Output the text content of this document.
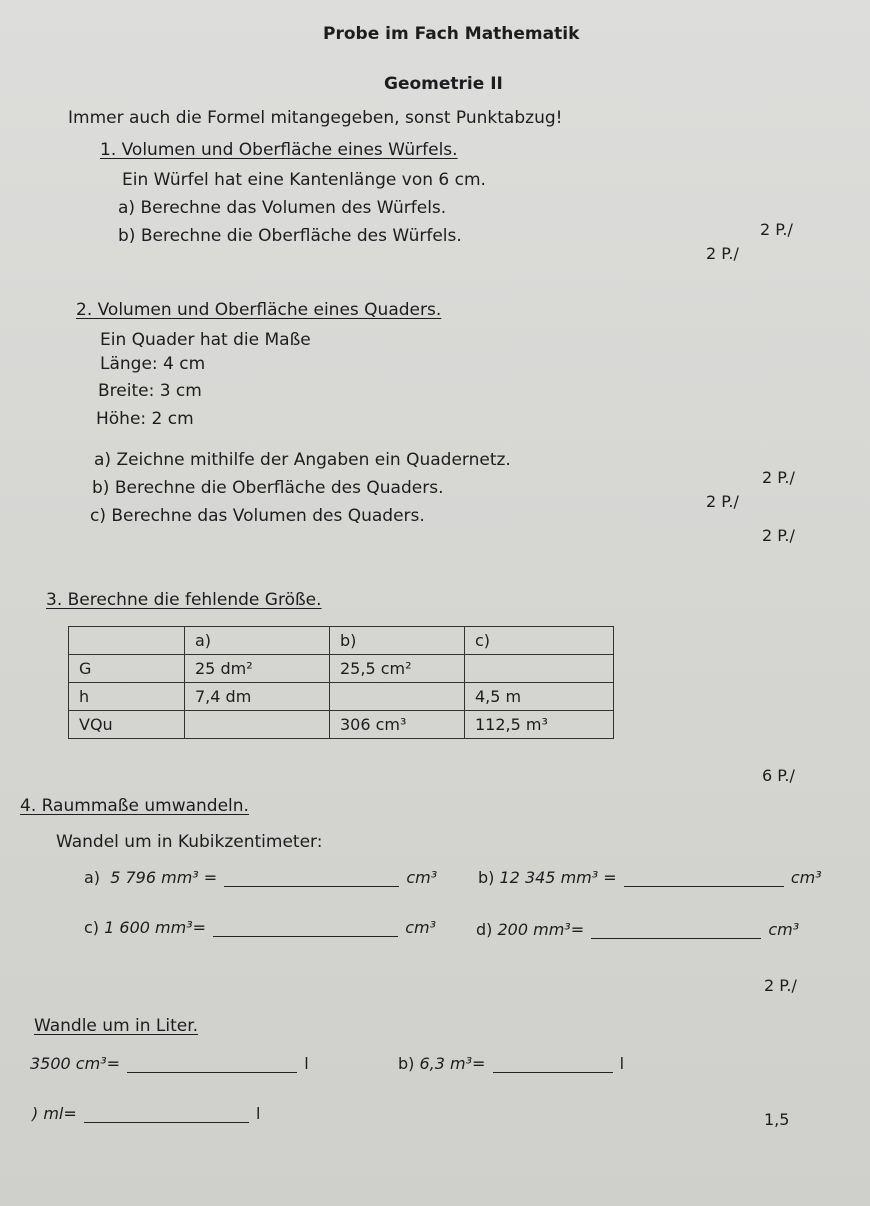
Probe im Fach Mathematik
Geometrie II
Immer auch die Formel mitangegeben, sonst Punktabzug!
1. Volumen und Oberfläche eines Würfels.
Ein Würfel hat eine Kantenlänge von 6 cm.
a) Berechne das Volumen des Würfels.
b) Berechne die Oberfläche des Würfels.	2 P./
2 P./
2. Volumen und Oberfläche eines Quaders.
Ein Quader hat die Maße
Länge: 4 cm
Breite: 3 cm
Höhe: 2 cm
a) Zeichne mithilfe der Angaben ein Quadernetz.
b) Berechne die Oberfläche des Quaders.
c) Berechne das Volumen des Quaders.
2 P./
2 P./
2 P./
3. Berechne die fehlende Größe.
	a)	b)	c)
G	25 dm²	25,5 cm²	
h	7,4 dm		4,5 m
VQu		306 cm³	112,5 m³
6 P./
4. Raummaße umwandeln.
Wandel um in Kubikzentimeter:
a) 5 796 mm³ =	cm³	b) 12 345 mm³ =	cm³
c) 1 600 mm³=	cm³ d) 200 mm³=	cm³
2 P./
Wandle um in Liter.
3500 cm³=	l	b) 6,3 m³=	l
) ml=	l	1,5
